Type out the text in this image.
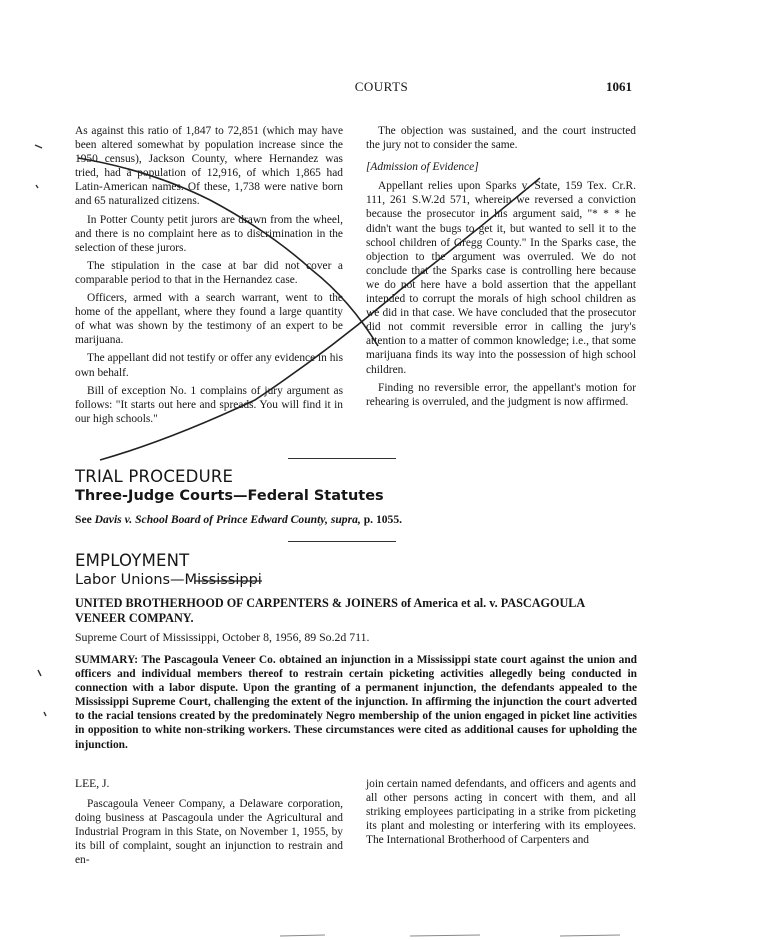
COURTS	1061

As against this ratio of 1,847 to 72,851 (which may have been altered somewhat by population increase since the 1950 census), Jackson County, where Hernandez was tried, had a population of 12,916, of which 1,865 had Latin-American names. Of these, 1,738 were native born and 65 naturalized citizens.

In Potter County petit jurors are drawn from the wheel, and there is no complaint here as to discrimination in the selection of these jurors.

The stipulation in the case at bar did not cover a comparable period to that in the Hernandez case.

Officers, armed with a search warrant, went to the home of the appellant, where they found a large quantity of what was shown by the testimony of an expert to be marijuana.

The appellant did not testify or offer any evidence in his own behalf.

Bill of exception No. 1 complains of jury argument as follows: "It starts out here and spreads. You will find it in our high schools."

The objection was sustained, and the court instructed the jury not to consider the same.

[Admission of Evidence]

Appellant relies upon Sparks v. State, 159 Tex. Cr.R. 111, 261 S.W.2d 571, wherein we reversed a conviction because the prosecutor in his argument said, "* * * he didn't want the bugs to get it, but wanted to sell it to the school children of Gregg County." In the Sparks case, the objection to the argument was overruled. We do not conclude that the Sparks case is controlling here because we do not here have a bold assertion that the appellant intended to corrupt the morals of high school children as we did in that case. We have concluded that the prosecutor did not commit reversible error in calling the jury's attention to a matter of common knowledge; i.e., that some marijuana finds its way into the possession of high school children.

Finding no reversible error, the appellant's motion for rehearing is overruled, and the judgment is now affirmed.

TRIAL PROCEDURE
Three-Judge Courts—Federal Statutes
See Davis v. School Board of Prince Edward County, supra, p. 1055.
EMPLOYMENT
Labor Unions—Mississippi
UNITED BROTHERHOOD OF CARPENTERS & JOINERS of America et al. v. PASCAGOULA VENEER COMPANY.
Supreme Court of Mississippi, October 8, 1956, 89 So.2d 711.
SUMMARY: The Pascagoula Veneer Co. obtained an injunction in a Mississippi state court against the union and officers and individual members thereof to restrain certain picketing activities allegedly being conducted in connection with a labor dispute. Upon the granting of a permanent injunction, the defendants appealed to the Mississippi Supreme Court, challenging the extent of the injunction. In affirming the injunction the court adverted to the racial tensions created by the predominately Negro membership of the union engaged in picket line activities in opposition to white non-striking workers. These circumstances were cited as additional causes for upholding the injunction.
LEE, J.

Pascagoula Veneer Company, a Delaware corporation, doing business at Pascagoula under the Agricultural and Industrial Program in this State, on November 1, 1955, by its bill of complaint, sought an injunction to restrain and en-

join certain named defendants, and officers and agents and all other persons acting in concert with them, and all striking employees participating in a strike from picketing its plant and molesting or interfering with its employees. The International Brotherhood of Carpenters and
